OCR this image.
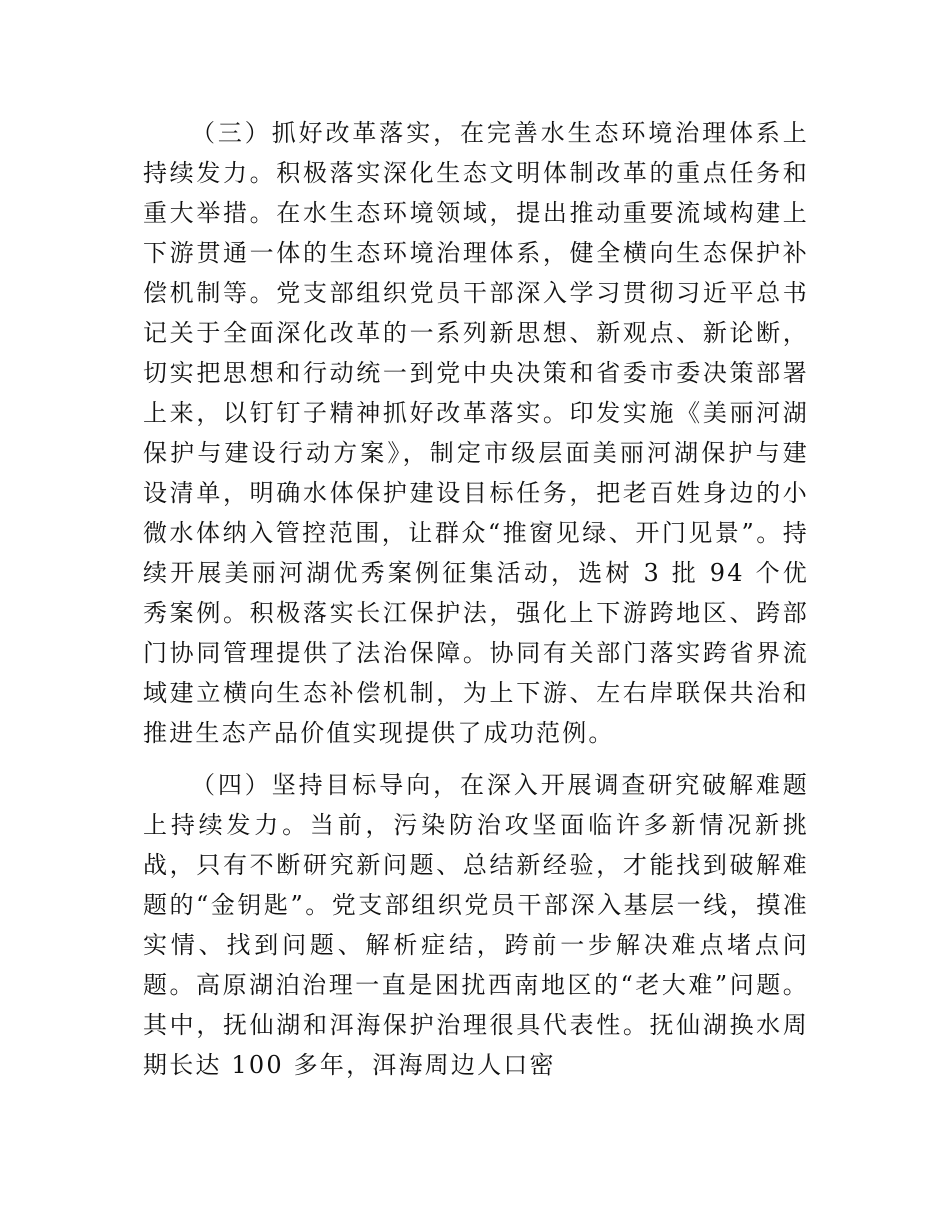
（三）抓好改革落实，在完善水生态环境治理体系上持续发力。积极落实深化生态文明体制改革的重点任务和重大举措。在水生态环境领域，提出推动重要流域构建上下游贯通一体的生态环境治理体系，健全横向生态保护补偿机制等。党支部组织党员干部深入学习贯彻习近平总书记关于全面深化改革的一系列新思想、新观点、新论断，切实把思想和行动统一到党中央决策和省委市委决策部署上来，以钉钉子精神抓好改革落实。印发实施《美丽河湖保护与建设行动方案》，制定市级层面美丽河湖保护与建设清单，明确水体保护建设目标任务，把老百姓身边的小微水体纳入管控范围，让群众“推窗见绿、开门见景”。持续开展美丽河湖优秀案例征集活动，选树 3 批 94 个优秀案例。积极落实长江保护法，强化上下游跨地区、跨部门协同管理提供了法治保障。协同有关部门落实跨省界流域建立横向生态补偿机制，为上下游、左右岸联保共治和推进生态产品价值实现提供了成功范例。

（四）坚持目标导向，在深入开展调查研究破解难题上持续发力。当前，污染防治攻坚面临许多新情况新挑战，只有不断研究新问题、总结新经验，才能找到破解难题的“金钥匙”。党支部组织党员干部深入基层一线，摸准实情、找到问题、解析症结，跨前一步解决难点堵点问题。高原湖泊治理一直是困扰西南地区的“老大难”问题。其中，抚仙湖和洱海保护治理很具代表性。抚仙湖换水周期长达 100 多年，洱海周边人口密
